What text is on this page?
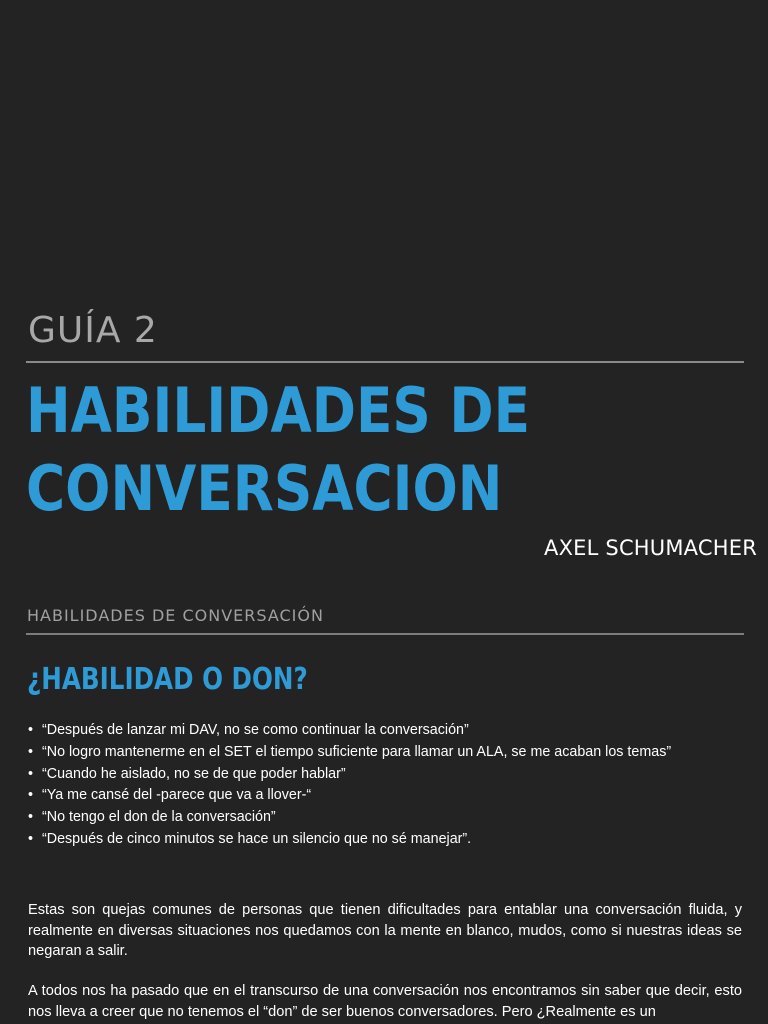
GUÍA 2
HABILIDADES DE
CONVERSACION
AXEL SCHUMACHER
HABILIDADES DE CONVERSACIÓN
¿HABILIDAD O DON?
• “Después de lanzar mi DAV, no se como continuar la conversación”
• “No logro mantenerme en el SET el tiempo suficiente para llamar un ALA, se me acaban los temas”
• “Cuando he aislado, no se de que poder hablar”
• “Ya me cansé del -parece que va a llover-“
• “No tengo el don de la conversación”
• “Después de cinco minutos se hace un silencio que no sé manejar”.

Estas son quejas comunes de personas que tienen dificultades para entablar una conversación fluida, y realmente en diversas situaciones nos quedamos con la mente en blanco, mudos, como si nuestras ideas se negaran a salir.

A todos nos ha pasado que en el transcurso de una conversación nos encontramos sin saber que decir, esto nos lleva a creer que no tenemos el “don” de ser buenos conversadores. Pero ¿Realmente es un
